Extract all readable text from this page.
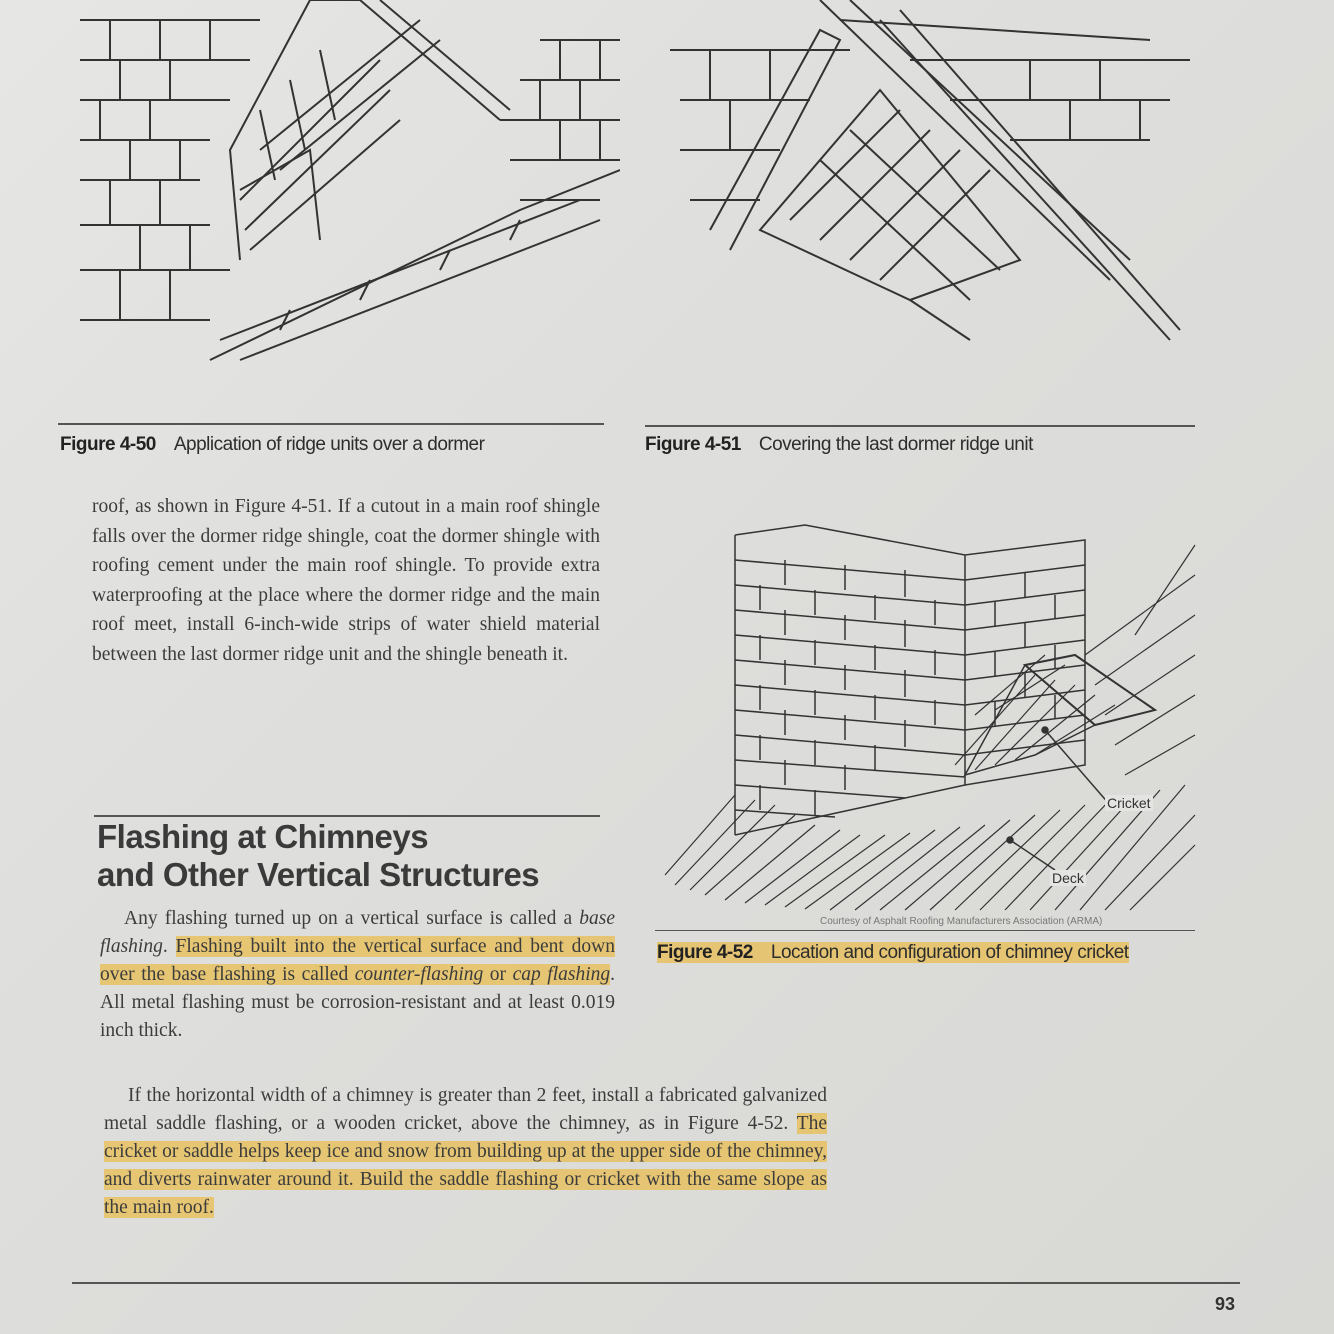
Figure 4-50 Application of ridge units over a dormer	Figure 4-51 Covering the last dormer ridge unit

roof, as shown in Figure 4-51. If a cutout in a main roof shingle falls over the dormer ridge shingle, coat the dormer shingle with roofing cement under the main roof shingle. To provide extra waterproofing at the place where the dormer ridge and the main roof meet, install 6-inch-wide strips of water shield material between the last dormer ridge unit and the shingle beneath it.

Cricket
Deck
Courtesy of Asphalt Roofing Manufacturers Association (ARMA)
Figure 4-52 Location and configuration of chimney cricket
Flashing at Chimneys
and Other Vertical Structures

Any flashing turned up on a vertical surface is called a base flashing. Flashing built into the vertical surface and bent down over the base flashing is called counter-flashing or cap flashing. All metal flashing must be corrosion-resistant and at least 0.019 inch thick.

If the horizontal width of a chimney is greater than 2 feet, install a fabricated galvanized metal saddle flashing, or a wooden cricket, above the chimney, as in Figure 4-52. The cricket or saddle helps keep ice and snow from building up at the upper side of the chimney, and diverts rainwater around it. Build the saddle flashing or cricket with the same slope as the main roof.

93
